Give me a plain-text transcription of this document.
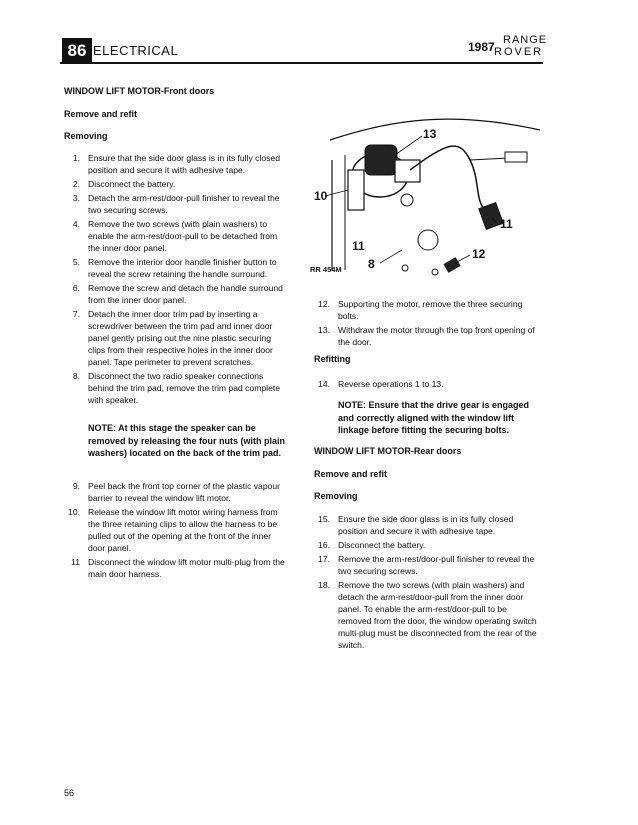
86 ELECTRICAL	1987 RANGE
ROVER
WINDOW LIFT MOTOR-Front doors
Remove and refit
Removing
1. Ensure that the side door glass is in its fully closed position and secure it with adhesive tape.
2. Disconnect the battery.
3. Detach the arm-rest/door-pull finisher to reveal the two securing screws.
4. Remove the two screws (with plain washers) to enable the arm-rest/door-pull to be detached from the inner door panel.
5. Remove the interior door handle finisher button to reveal the screw retaining the handle surround.
6. Remove the screw and detach the handle surround from the inner door panel.
7. Detach the inner door trim pad by inserting a screwdriver between the trim pad and inner door panel gently prising out the nine plastic securing clips from their respective holes in the inner door panel. Tape perimeter to prevent scratches.
8. Disconnect the two radio speaker connections behind the trim pad, remove the trim pad complete with speaker.
NOTE: At this stage the speaker can be removed by releasing the four nuts (with plain washers) located on the back of the trim pad.
9. Peel back the front top corner of the plastic vapour barrier to reveal the window lift motor.
10. Release the window lift motor wiring harness from the three retaining clips to allow the harness to be pulled out of the opening at the front of the inner door panel.
11 Disconnect the window lift motor multi-plug from the main door harness.
13
10
11
11
12
8
RR 454M
12. Supporting the motor, remove the three securing bolts.
13. Withdraw the motor through the top front opening of the door.
Refitting
14. Reverse operations 1 to 13.
NOTE: Ensure that the drive gear is engaged and correctly aligned with the window lift linkage before fitting the securing bolts.
WINDOW LIFT MOTOR-Rear doors
Remove and refit
Removing
15. Ensure the side door glass is in its fully closed position and secure it with adhesive tape.
16. Disconnect the battery.
17. Remove the arm-rest/door-pull finisher to reveal the two securing screws.
18. Remove the two screws (with plain washers) and detach the arm-rest/door-pull from the inner door panel. To enable the arm-rest/door-pull to be removed from the door, the window operating switch multi-plug must be disconnected from the rear of the switch.
56
